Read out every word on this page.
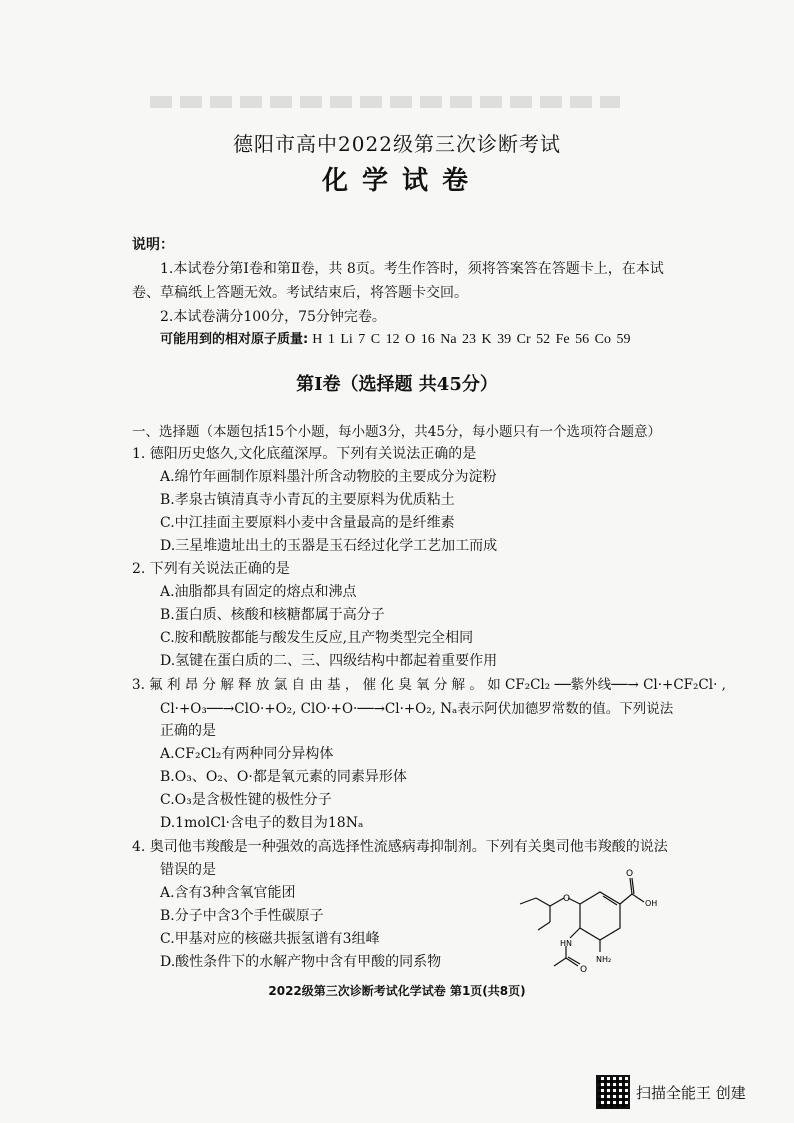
德阳市高中2022级第三次诊断考试
化学试卷
说明：
1.本试卷分第Ⅰ卷和第Ⅱ卷，共 8页。考生作答时，须将答案答在答题卡上，在本试
卷、草稿纸上答题无效。考试结束后，将答题卡交回。
2.本试卷满分100分，75分钟完卷。
可能用到的相对原子质量: H 1 Li 7 C 12 O 16 Na 23 K 39 Cr 52 Fe 56 Co 59
第Ⅰ卷（选择题 共45分）
一、选择题（本题包括15个小题，每小题3分，共45分，每小题只有一个选项符合题意）
1. 德阳历史悠久,文化底蕴深厚。下列有关说法正确的是
A.绵竹年画制作原料墨汁所含动物胶的主要成分为淀粉
B.孝泉古镇清真寺小青瓦的主要原料为优质粘土
C.中江挂面主要原料小麦中含量最高的是纤维素
D.三星堆遗址出土的玉器是玉石经过化学工艺加工而成
2. 下列有关说法正确的是
A.油脂都具有固定的熔点和沸点
B.蛋白质、核酸和核糖都属于高分子
C.胺和酰胺都能与酸发生反应,且产物类型完全相同
D.氢键在蛋白质的二、三、四级结构中都起着重要作用
3. 氟 利 昂 分 解 释 放 氯 自 由 基 ， 催 化 臭 氧 分 解 。 如 CF₂Cl₂ ──紫外线──→ Cl·+CF₂Cl· ,
Cl·+O₃──→ClO·+O₂, ClO·+O·──→Cl·+O₂, Nₐ表示阿伏加德罗常数的值。下列说法
正确的是
A.CF₂Cl₂有两种同分异构体
B.O₃、O₂、O·都是氧元素的同素异形体
C.O₃是含极性键的极性分子
D.1molCl·含电子的数目为18Nₐ
4. 奥司他韦羧酸是一种强效的高选择性流感病毒抑制剂。下列有关奥司他韦羧酸的说法
错误的是
A.含有3种含氧官能团
B.分子中含3个手性碳原子
C.甲基对应的核磁共振氢谱有3组峰
D.酸性条件下的水解产物中含有甲酸的同系物
O
O
OH
HN
O
NH₂
2022级第三次诊断考试化学试卷 第1页(共8页)
扫描全能王 创建
